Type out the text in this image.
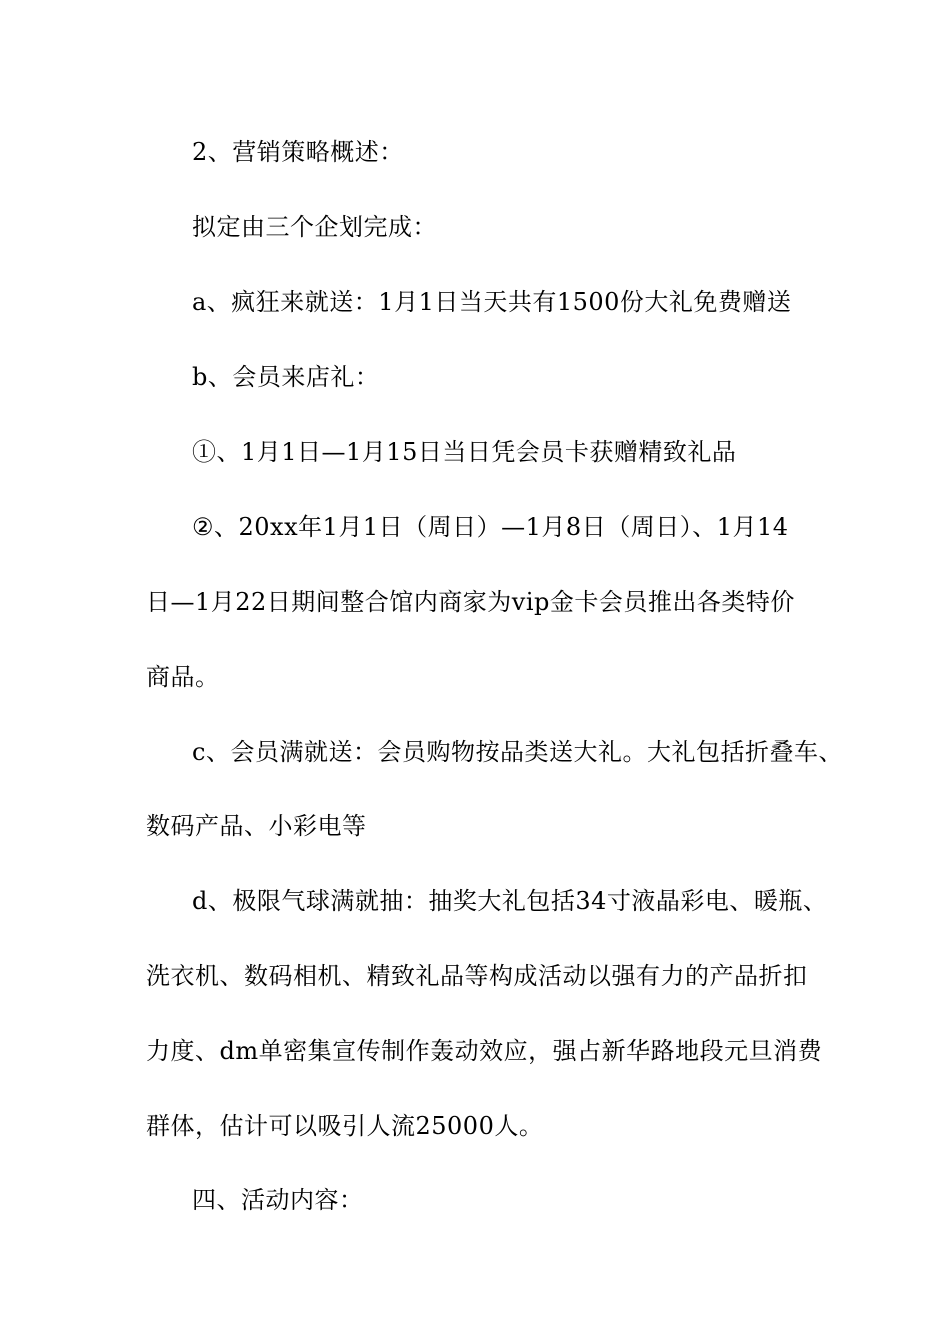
2、营销策略概述：
拟定由三个企划完成：
a、疯狂来就送：1月1日当天共有1500份大礼免费赠送
b、会员来店礼：
①、1月1日—1月15日当日凭会员卡获赠精致礼品
②、20xx年1月1日（周日）—1月8日（周日）、1月14
日—1月22日期间整合馆内商家为vip金卡会员推出各类特价
商品。
c、会员满就送：会员购物按品类送大礼。大礼包括折叠车、
数码产品、小彩电等
d、极限气球满就抽：抽奖大礼包括34寸液晶彩电、暖瓶、
洗衣机、数码相机、精致礼品等构成活动以强有力的产品折扣
力度、dm单密集宣传制作轰动效应，强占新华路地段元旦消费
群体，估计可以吸引人流25000人。
四、活动内容：
